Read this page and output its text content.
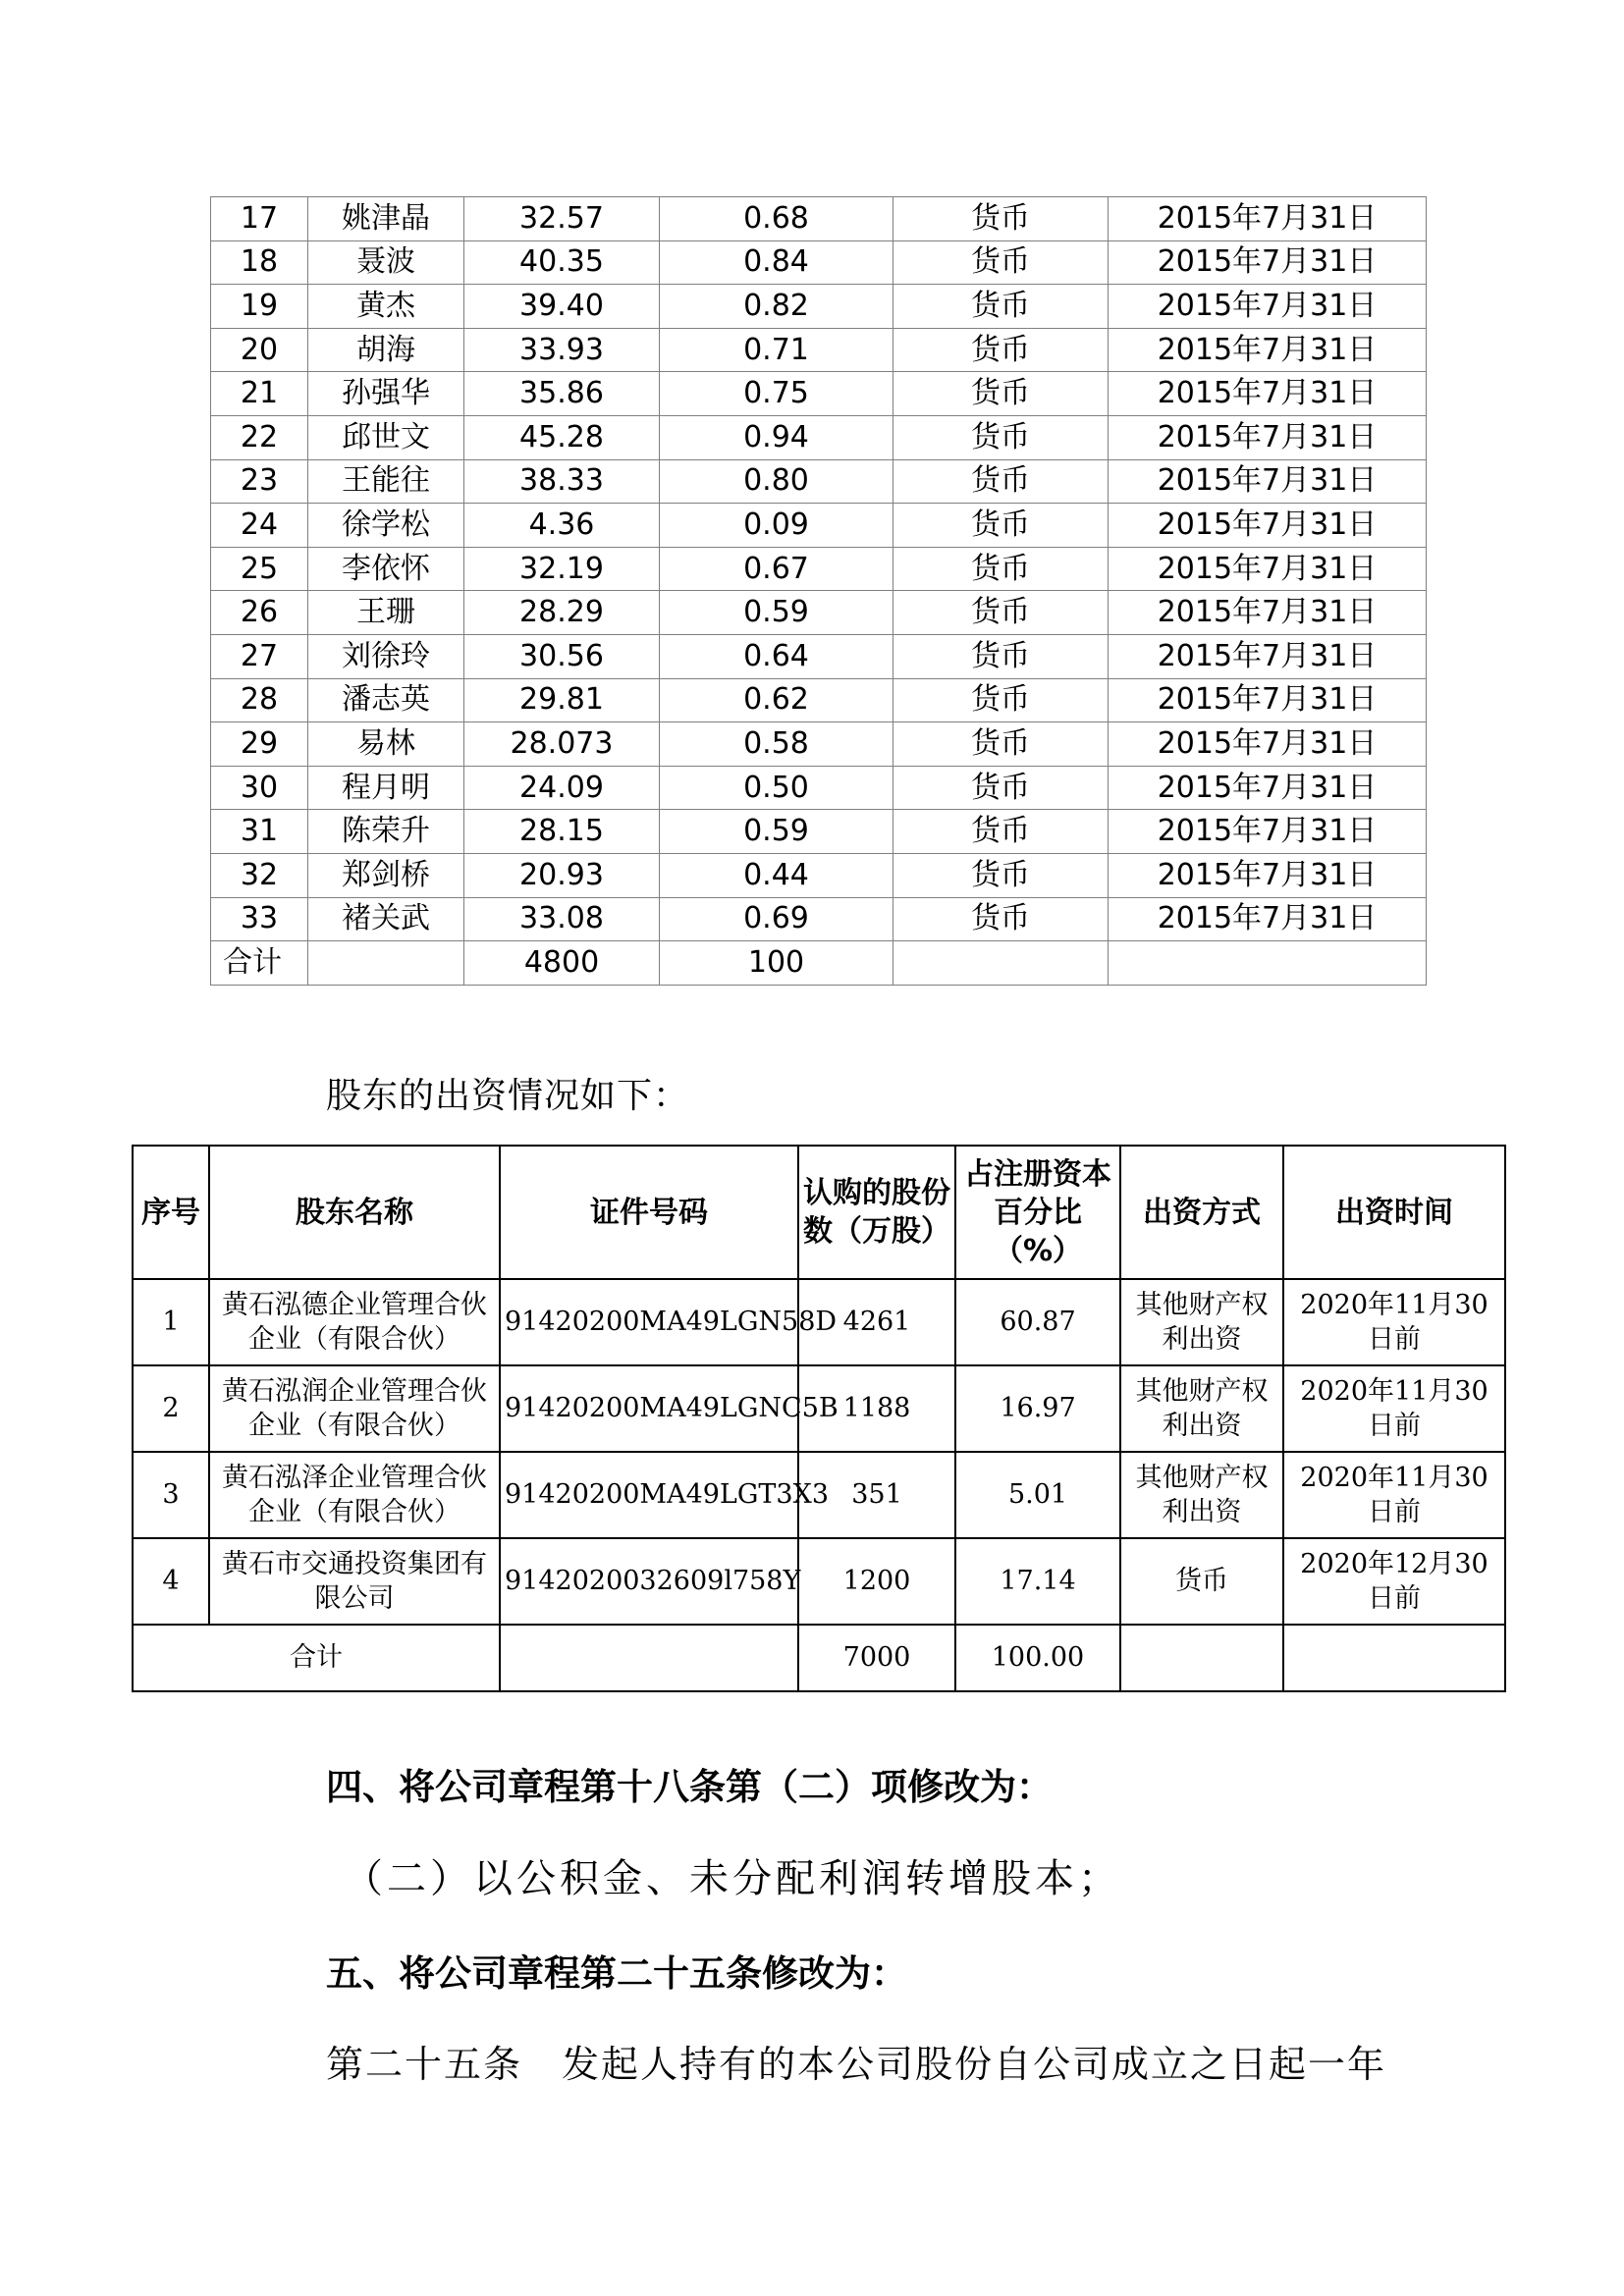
17	姚津晶	32.57	0.68	货币	2015年7月31日
18	聂波	40.35	0.84	货币	2015年7月31日
19	黄杰	39.40	0.82	货币	2015年7月31日
20	胡海	33.93	0.71	货币	2015年7月31日
21	孙强华	35.86	0.75	货币	2015年7月31日
22	邱世文	45.28	0.94	货币	2015年7月31日
23	王能往	38.33	0.80	货币	2015年7月31日
24	徐学松	4.36	0.09	货币	2015年7月31日
25	李依怀	32.19	0.67	货币	2015年7月31日
26	王珊	28.29	0.59	货币	2015年7月31日
27	刘徐玲	30.56	0.64	货币	2015年7月31日
28	潘志英	29.81	0.62	货币	2015年7月31日
29	易林	28.073	0.58	货币	2015年7月31日
30	程月明	24.09	0.50	货币	2015年7月31日
31	陈荣升	28.15	0.59	货币	2015年7月31日
32	郑剑桥	20.93	0.44	货币	2015年7月31日
33	褚关武	33.08	0.69	货币	2015年7月31日
合计		4800	100		
股东的出资情况如下：
序号	股东名称	证件号码	认购的股份数（万股）	占注册资本百分比（%）	出资方式	出资时间
1	黄石泓德企业管理合伙企业（有限合伙）	91420200MA49LGN58D	4261	60.87	其他财产权利出资	2020年11月30日前
2	黄石泓润企业管理合伙企业（有限合伙）	91420200MA49LGNC5B	1188	16.97	其他财产权利出资	2020年11月30日前
3	黄石泓泽企业管理合伙企业（有限合伙）	91420200MA49LGT3X3	351	5.01	其他财产权利出资	2020年11月30日前
4	黄石市交通投资集团有限公司	9142020032609l758Y	1200	17.14	货币	2020年12月30日前
合计			7000	100.00		
四、将公司章程第十八条第（二）项修改为：
（二）以公积金、未分配利润转增股本；
五、将公司章程第二十五条修改为：
第二十五条 发起人持有的本公司股份自公司成立之日起一年
